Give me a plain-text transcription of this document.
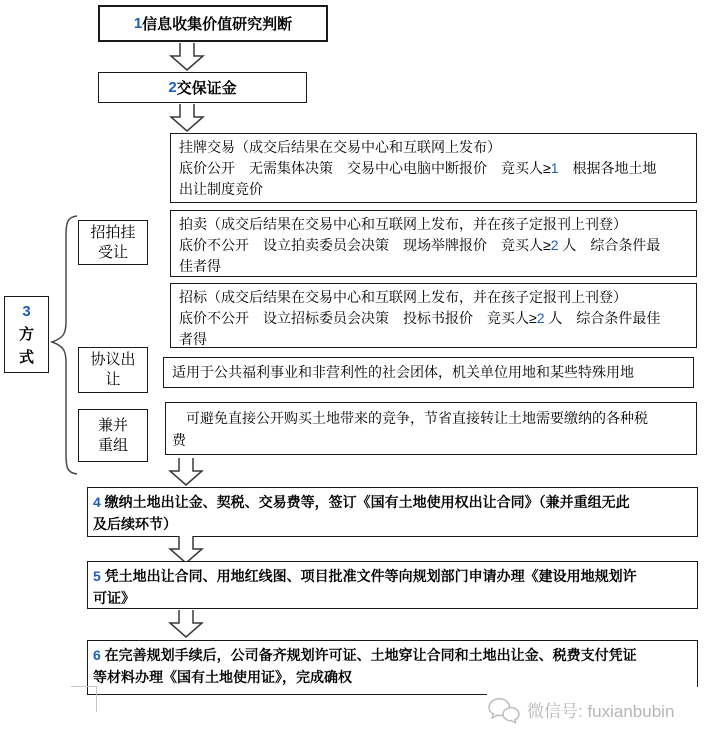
1 信息收集价值研究判断
2 交保证金
挂牌交易（成交后结果在交易中心和互联网上发布）
底价公开　无需集体决策　交易中心电脑中断报价　竞买人≥1　根据各地土地
出让制度竞价
拍卖（成交后结果在交易中心和互联网上发布，并在孩子定报刊上刊登）
底价不公开　设立拍卖委员会决策　现场举牌报价　竞买人≥2 人　综合条件最
佳者得
招标（成交后结果在交易中心和互联网上发布，并在孩子定报刊上刊登）
底价不公开　设立招标委员会决策　投标书报价　竞买人≥2 人　综合条件最佳
者得
适用于公共福利事业和非营利性的社会团体，机关单位用地和某些特殊用地
　可避免直接公开购买土地带来的竞争，节省直接转让土地需要缴纳的各种税
费
3
方
式
招拍挂
受让
协议出
让
兼并
重组
4 缴纳土地出让金、契税、交易费等，签订《国有土地使用权出让合同》（兼并重组无此
及后续环节）
5 凭土地出让合同、用地红线图、项目批准文件等向规划部门申请办理《建设用地规划许
可证》
6 在完善规划手续后，公司备齐规划许可证、土地穿让合同和土地出让金、税费支付凭证
等材料办理《国有土地使用证》，完成确权
微信号: fuxianbubin
